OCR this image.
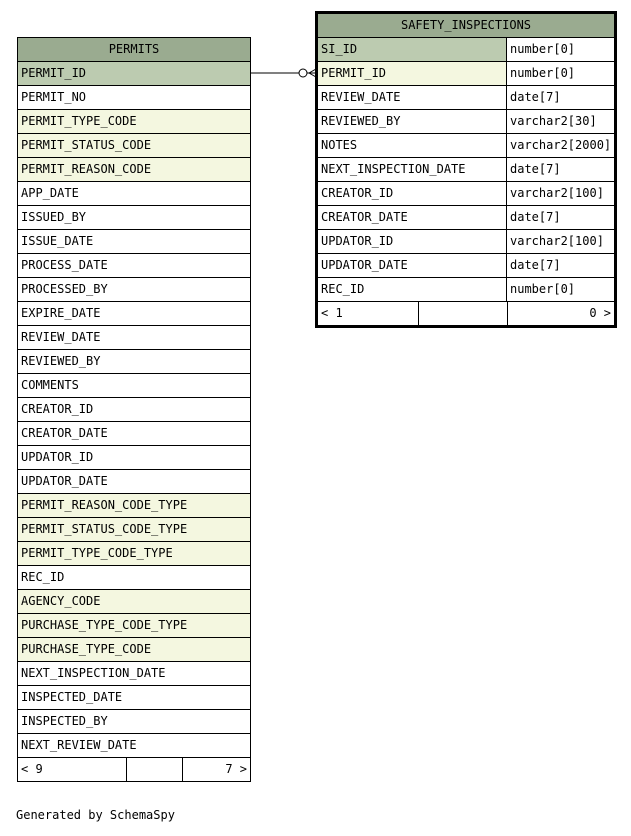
PERMITS
PERMIT_ID
PERMIT_NO
PERMIT_TYPE_CODE
PERMIT_STATUS_CODE
PERMIT_REASON_CODE
APP_DATE
ISSUED_BY
ISSUE_DATE
PROCESS_DATE
PROCESSED_BY
EXPIRE_DATE
REVIEW_DATE
REVIEWED_BY
COMMENTS
CREATOR_ID
CREATOR_DATE
UPDATOR_ID
UPDATOR_DATE
PERMIT_REASON_CODE_TYPE
PERMIT_STATUS_CODE_TYPE
PERMIT_TYPE_CODE_TYPE
REC_ID
AGENCY_CODE
PURCHASE_TYPE_CODE_TYPE
PURCHASE_TYPE_CODE
NEXT_INSPECTION_DATE
INSPECTED_DATE
INSPECTED_BY
NEXT_REVIEW_DATE
< 9	7 >
SAFETY_INSPECTIONS
SI_ID	number[0]
PERMIT_ID	number[0]
REVIEW_DATE	date[7]
REVIEWED_BY	varchar2[30]
NOTES	varchar2[2000]
NEXT_INSPECTION_DATE	date[7]
CREATOR_ID	varchar2[100]
CREATOR_DATE	date[7]
UPDATOR_ID	varchar2[100]
UPDATOR_DATE	date[7]
REC_ID	number[0]
< 1	0 >
Generated by SchemaSpy
